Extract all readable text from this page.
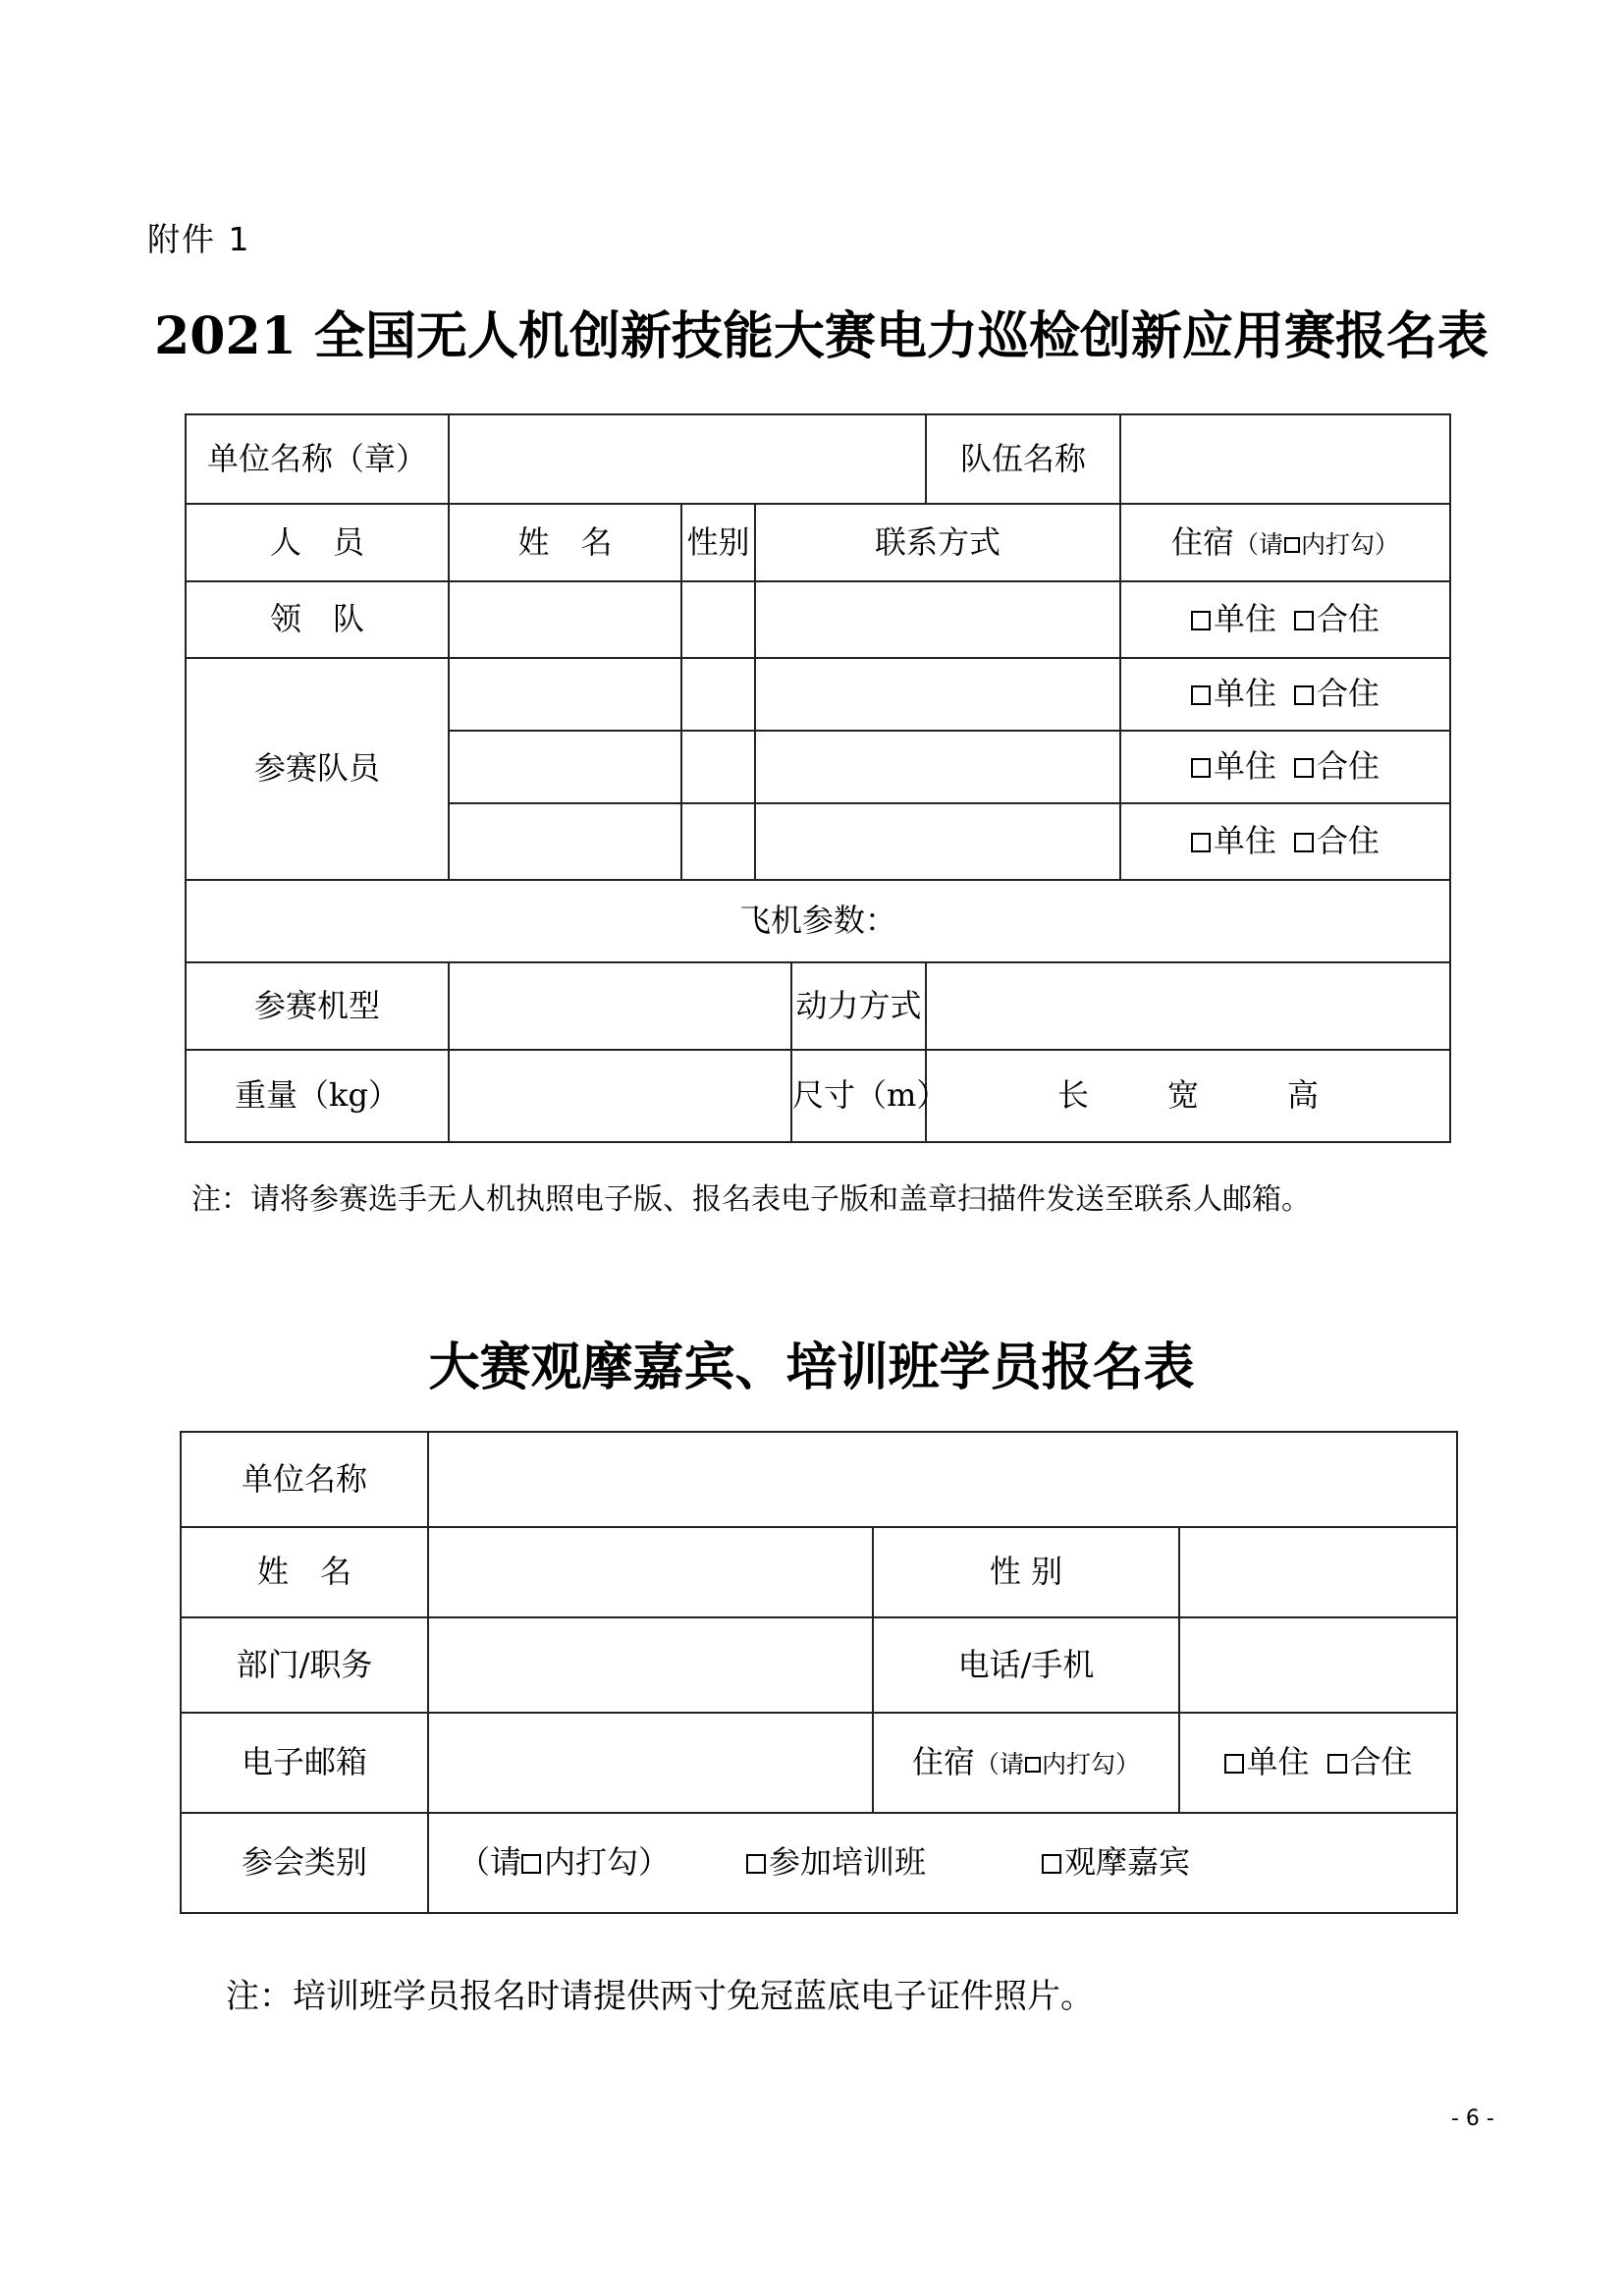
附件 1
2021 全国无人机创新技能大赛电力巡检创新应用赛报名表
单位名称（章）					队伍名称	
人　员	姓　名	性别	联系方式			住宿（请 内打勾）
领　队						单住 合住
参赛队员						单住 合住
						单住 合住
						单住 合住
飞机参数：						
参赛机型				动力方式		
重量（kg）				尺寸（m）	长 宽 高	
注：请将参赛选手无人机执照电子版、报名表电子版和盖章扫描件发送至联系人邮箱。
大赛观摩嘉宾、培训班学员报名表
单位名称			
姓　名		性 别	
部门/职务		电话/手机	
电子邮箱		住宿（请 内打勾）	单住 合住
参会类别	（请 内打勾） 参加培训班 观摩嘉宾		
注：培训班学员报名时请提供两寸免冠蓝底电子证件照片。
- 6 -
